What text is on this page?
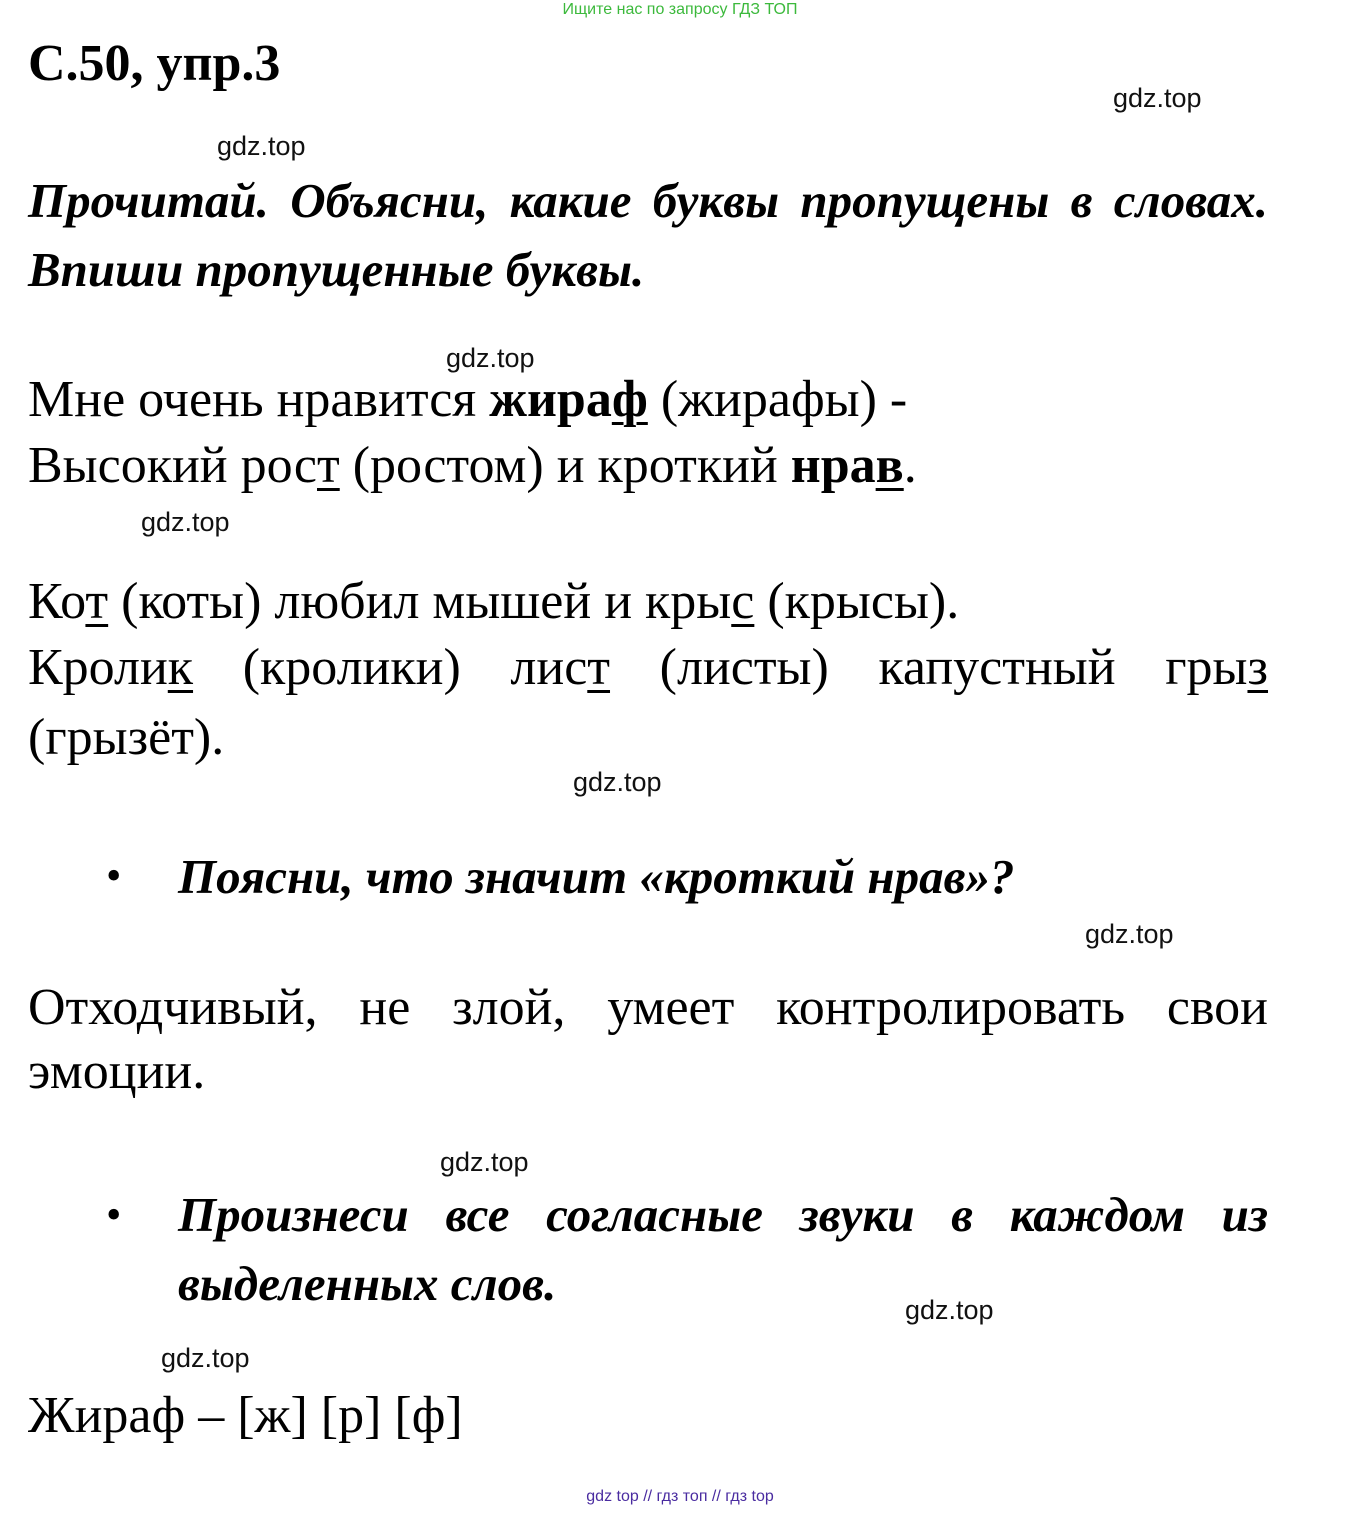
Ищите нас по запросу ГДЗ ТОП
gdz.top
gdz.top
gdz.top
gdz.top
gdz.top
gdz.top
gdz.top
gdz.top
gdz.top
С.50, упр.3
Прочитай. Объясни, какие буквы пропущены в словах. Впиши пропущенные буквы.
Мне очень нравится жираф (жирафы) -
Высокий рост (ростом) и кроткий нрав.
Кот (коты) любил мышей и крыс (крысы).
Кролик (кролики) лист (листы) капустный грыз
(грызёт).
• Поясни, что значит «кроткий нрав»?
Отходчивый, не злой, умеет контролировать свои эмоции.
• Произнеси все согласные звуки в каждом из выделенных слов.
Жираф – [ж] [р] [ф]
gdz top // гдз топ // гдз top
